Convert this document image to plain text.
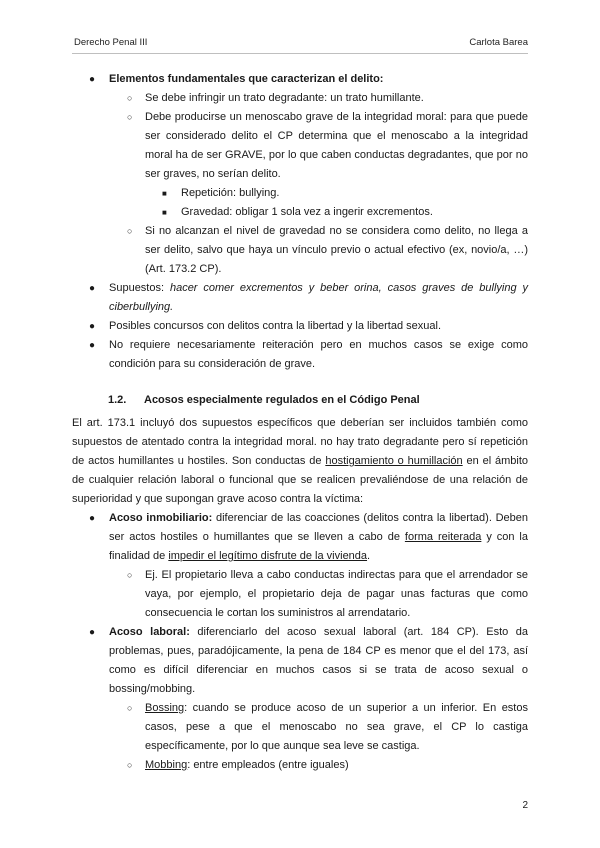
Derecho Penal III	Carlota Barea

● Elementos fundamentales que caracterizan el delito:

○ Se debe infringir un trato degradante: un trato humillante.

○ Debe producirse un menoscabo grave de la integridad moral: para que puede ser considerado delito el CP determina que el menoscabo a la integridad moral ha de ser GRAVE, por lo que caben conductas degradantes, que por no ser graves, no serían delito.

■ Repetición: bullying.

■ Gravedad: obligar 1 sola vez a ingerir excrementos.

○ Si no alcanzan el nivel de gravedad no se considera como delito, no llega a ser delito, salvo que haya un vínculo previo o actual efectivo (ex, novio/a, …) (Art. 173.2 CP).

● Supuestos: hacer comer excrementos y beber orina, casos graves de bullying y ciberbullying.

● Posibles concursos con delitos contra la libertad y la libertad sexual.

● No requiere necesariamente reiteración pero en muchos casos se exige como condición para su consideración de grave.

1.2. Acosos especialmente regulados en el Código Penal

El art. 173.1 incluyó dos supuestos específicos que deberían ser incluidos también como supuestos de atentado contra la integridad moral. no hay trato degradante pero sí repetición de actos humillantes u hostiles. Son conductas de hostigamiento o humillación en el ámbito de cualquier relación laboral o funcional que se realicen prevaliéndose de una relación de superioridad y que supongan grave acoso contra la víctima:

● Acoso inmobiliario: diferenciar de las coacciones (delitos contra la libertad). Deben ser actos hostiles o humillantes que se lleven a cabo de forma reiterada y con la finalidad de impedir el legítimo disfrute de la vivienda.

○ Ej. El propietario lleva a cabo conductas indirectas para que el arrendador se vaya, por ejemplo, el propietario deja de pagar unas facturas que como consecuencia le cortan los suministros al arrendatario.

● Acoso laboral: diferenciarlo del acoso sexual laboral (art. 184 CP). Esto da problemas, pues, paradójicamente, la pena de 184 CP es menor que el del 173, así como es difícil diferenciar en muchos casos si se trata de acoso sexual o bossing/mobbing.

○ Bossing: cuando se produce acoso de un superior a un inferior. En estos casos, pese a que el menoscabo no sea grave, el CP lo castiga específicamente, por lo que aunque sea leve se castiga.

○ Mobbing: entre empleados (entre iguales)

2
